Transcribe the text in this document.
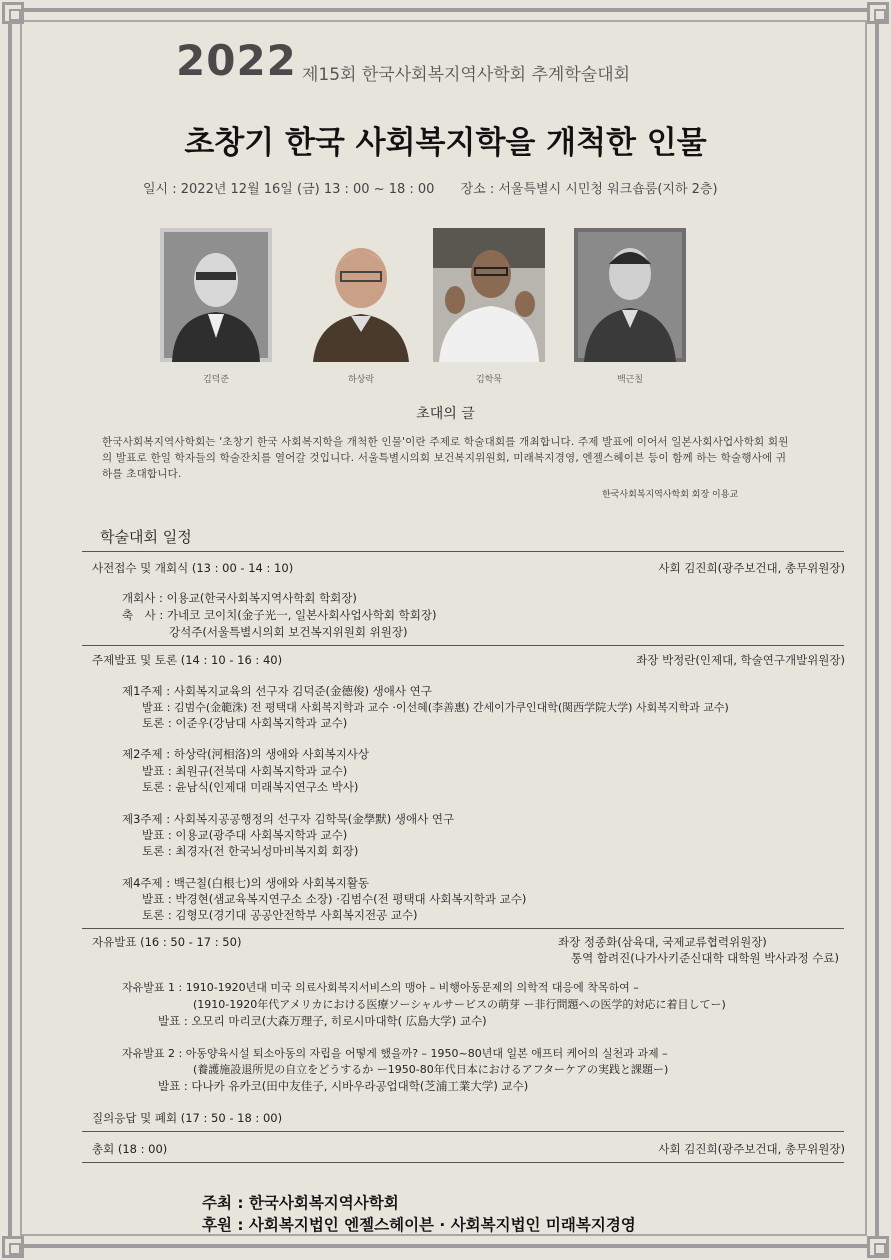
2022 제15회 한국사회복지역사학회 추계학술대회
초창기 한국 사회복지학을 개척한 인물
일시 : 2022년 12월 16일 (금) 13 : 00 ~ 18 : 00 장소 : 서울특별시 시민청 워크숍룸(지하 2층)
김덕준	하상락	김학묵	백근칠
초대의 글
한국사회복지역사학회는 '초창기 한국 사회복지학을 개척한 인물'이란 주제로 학술대회를 개최합니다. 주제 발표에 이어서 일본사회사업사학회 회원의 발표로 한일 학자들의 학술잔치를 열어갈 것입니다. 서울특별시의회 보건복지위원회, 미래복지경영, 엔젤스헤이븐 등이 함께 하는 학술행사에 귀하를 초대합니다.
한국사회복지역사학회 회장 이용교
학술대회 일정
사전접수 및 개회식 (13 : 00 - 14 : 10)	사회 김진희(광주보건대, 총무위원장)
개회사 : 이용교(한국사회복지역사학회 학회장)
축　사 : 가네코 코이치(金子光一, 일본사회사업사학회 학회장)
강석주(서울특별시의회 보건복지위원회 위원장)
주제발표 및 토론 (14 : 10 - 16 : 40)	좌장 박정란(인제대, 학술연구개발위원장)
제1주제 : 사회복지교육의 선구자 김덕준(金德俊) 생애사 연구
발표 : 김범수(金範洙) 전 평택대 사회복지학과 교수 ·이선혜(李善惠) 간세이가쿠인대학(関西学院大学) 사회복지학과 교수)
토론 : 이준우(강남대 사회복지학과 교수)
제2주제 : 하상락(河相洛)의 생애와 사회복지사상
발표 : 최원규(전북대 사회복지학과 교수)
토론 : 윤남식(인제대 미래복지연구소 박사)
제3주제 : 사회복지공공행정의 선구자 김학묵(金學默) 생애사 연구
발표 : 이용교(광주대 사회복지학과 교수)
토론 : 최경자(전 한국뇌성마비복지회 회장)
제4주제 : 백근칠(白根七)의 생애와 사회복지활동
발표 : 박경현(샘교육복지연구소 소장) ·김범수(전 평택대 사회복지학과 교수)
토론 : 김형모(경기대 공공안전학부 사회복지전공 교수)
자유발표 (16 : 50 - 17 : 50)	좌장 정종화(삼육대, 국제교류협력위원장)
통역 함려진(나가사키준신대학 대학원 박사과정 수료)
자유발표 1 : 1910-1920년대 미국 의료사회복지서비스의 맹아 – 비행아동문제의 의학적 대응에 착목하여 –
(1910-1920年代アメリカにおける医療ソーシャルサービスの萌芽 ー非行問題への医学的対応に着目してー)
발표 : 오모리 마리코(大森万理子, 히로시마대학( 広島大学) 교수)
자유발표 2 : 아동양육시설 퇴소아동의 자립을 어떻게 했을까? – 1950~80년대 일본 애프터 케어의 실천과 과제 –
(養護施設退所児の自立をどうするか ー1950-80年代日本におけるアフターケアの実践と課題ー)
발표 : 다나카 유카코(田中友佳子, 시바우라공업대학(芝浦工業大学) 교수)
질의응답 및 폐회 (17 : 50 - 18 : 00)
총회 (18 : 00)	사회 김진희(광주보건대, 총무위원장)
주최 : 한국사회복지역사학회
후원 : 사회복지법인 엔젤스헤이븐 · 사회복지법인 미래복지경영
